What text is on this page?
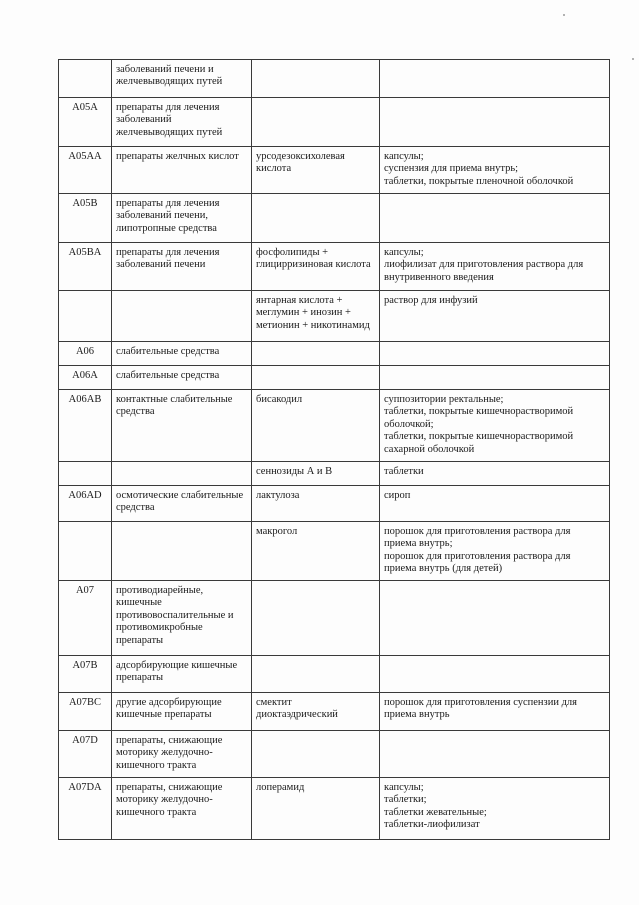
	заболеваний печени и желчевыводящих путей		
A05A	препараты для лечения заболеваний желчевыводящих путей		
A05AA	препараты желчных кислот	урсодезоксихолевая кислота	капсулы;
суспензия для приема внутрь;
таблетки, покрытые пленочной оболочкой
A05B	препараты для лечения заболеваний печени, липотропные средства		
A05BA	препараты для лечения заболеваний печени	фосфолипиды + глицирризиновая кислота	капсулы;
лиофилизат для приготовления раствора для внутривенного введения
		янтарная кислота + меглумин + инозин + метионин + никотинамид	раствор для инфузий
A06	слабительные средства		
A06A	слабительные средства		
A06AB	контактные слабительные средства	бисакодил	суппозитории ректальные;
таблетки, покрытые кишечнорастворимой оболочкой;
таблетки, покрытые кишечнорастворимой сахарной оболочкой
		сеннозиды А и В	таблетки
A06AD	осмотические слабительные средства	лактулоза	сироп
		макрогол	порошок для приготовления раствора для приема внутрь;
порошок для приготовления раствора для приема внутрь (для детей)
A07	противодиарейные, кишечные противовоспалительные и противомикробные препараты		
A07B	адсорбирующие кишечные препараты		
A07BC	другие адсорбирующие кишечные препараты	смектит диоктаэдрический	порошок для приготовления суспензии для приема внутрь
A07D	препараты, снижающие моторику желудочно-кишечного тракта		
A07DA	препараты, снижающие моторику желудочно-кишечного тракта	лоперамид	капсулы;
таблетки;
таблетки жевательные;
таблетки-лиофилизат
